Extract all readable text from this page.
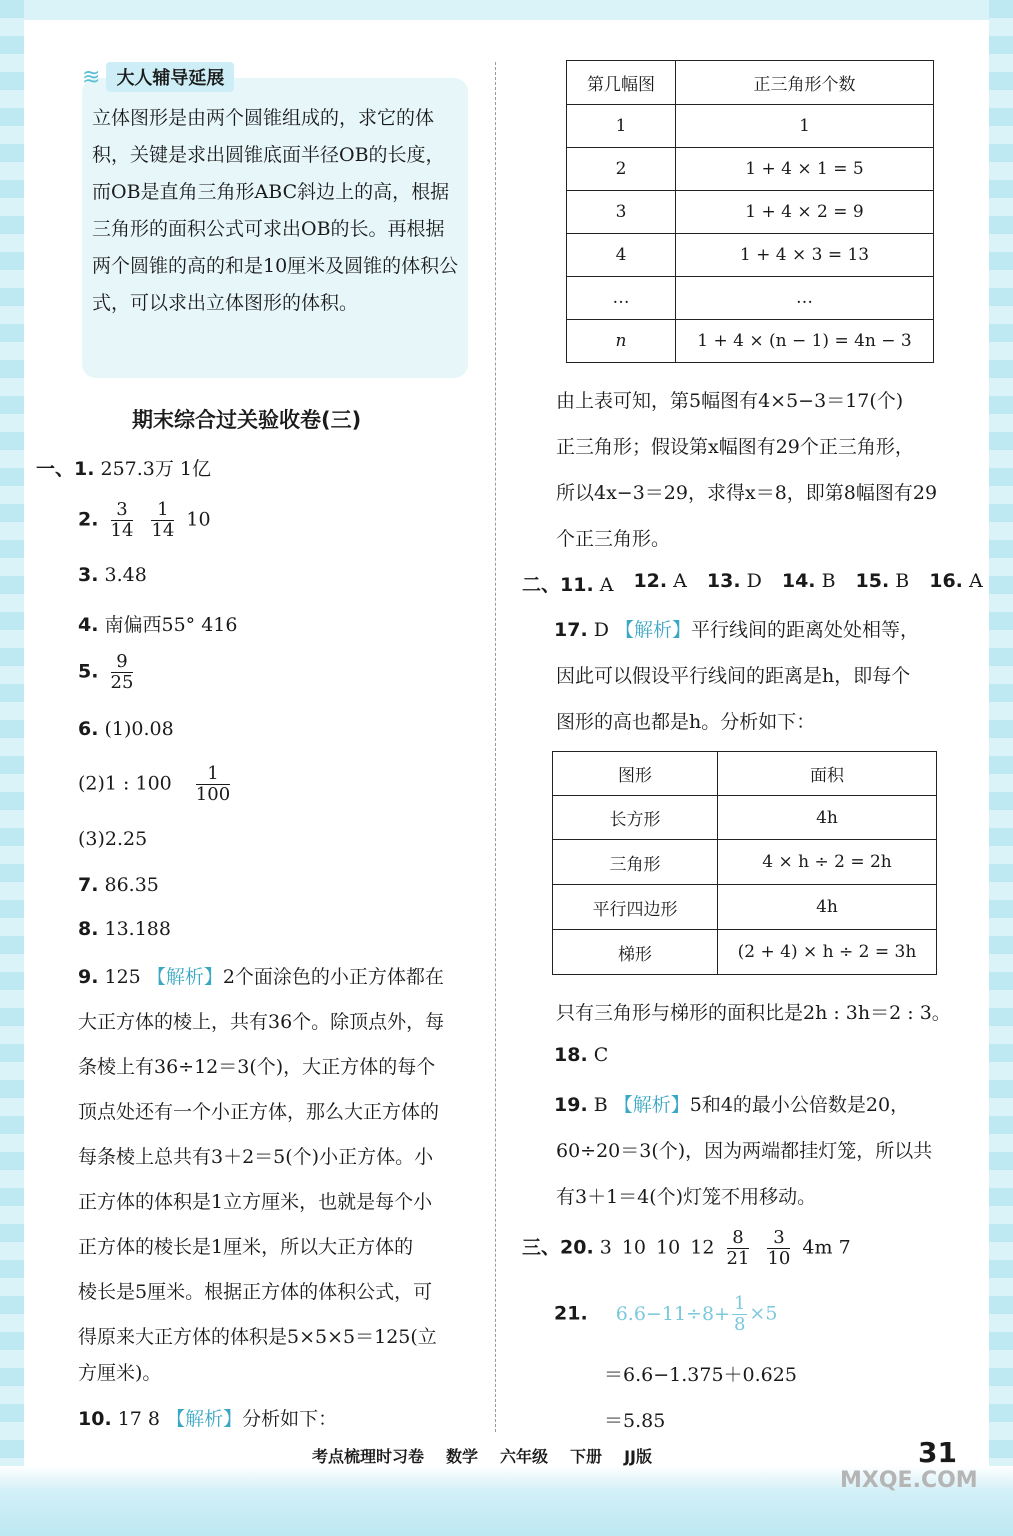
≋ 大人辅导延展

立体图形是由两个圆锥组成的，求它的体积，关键是求出圆锥底面半径OB的长度，而OB是直角三角形ABC斜边上的高，根据三角形的面积公式可求出OB的长。再根据两个圆锥的高的和是10厘米及圆锥的体积公式，可以求出立体图形的体积。

期末综合过关验收卷(三)
一、1. 257.3万 1亿
2. $\frac{3}{14}$
$\frac{1}{14} 10$
3. 3.48
4. 南偏西55° 416
5. $\frac{9}{25}$
6. (1)0.08
(2)1 : $100 \frac{1}{100}$
(3)2.25
7. 86.35
8. 13.188
9. 125 【解析】2个面涂色的小正方体都在
大正方体的棱上，共有36个。除顶点外，每
条棱上有36÷12＝3(个)，大正方体的每个
顶点处还有一个小正方体，那么大正方体的
每条棱上总共有3＋2＝5(个)小正方体。小
正方体的体积是1立方厘米，也就是每个小
正方体的棱长是1厘米，所以大正方体的
棱长是5厘米。根据正方体的体积公式，可
得原来大正方体的体积是5×5×5＝125(立
方厘米)。
10. 17 8 【解析】分析如下：
第几幅图	正三角形个数
1	1
2	1 + 4 × 1 = 5
3	1 + 4 × 2 = 9
4	1 + 4 × 3 = 13
…	…
n	1 + 4 × (n − 1) = 4n − 3
由上表可知，第5幅图有4×5−3＝17(个)
正三角形；假设第x幅图有29个正三角形，
所以4x−3＝29，求得x＝8，即第8幅图有29
个正三角形。
二、11. A 12. A 13. D 14. B 15. B 16. A
17. D 【解析】平行线间的距离处处相等，
因此可以假设平行线间的距离是h，即每个
图形的高也都是h。分析如下：
图形	面积
长方形	4h
三角形	4 × h ÷ 2 = 2h
平行四边形	4h
梯形	(2 + 4) × h ÷ 2 = 3h
只有三角形与梯形的面积比是2h : 3h＝2 : 3。
18. C
19. B 【解析】5和4的最小公倍数是20，
60÷20＝3(个)，因为两端都挂灯笼，所以共
有3＋1＝4(个)灯笼不用移动。
三、20. 3 10 10 $12 \frac{8}{21}$
$\frac{3}{10} 4m$ 7
21. $6.6-11\div 8+ \frac{1}{8} \times 5$
＝6.6−1.375＋0.625
＝5.85
考点梳理时习卷 数学 六年级 下册 JJ版	31
MXQE.COM
